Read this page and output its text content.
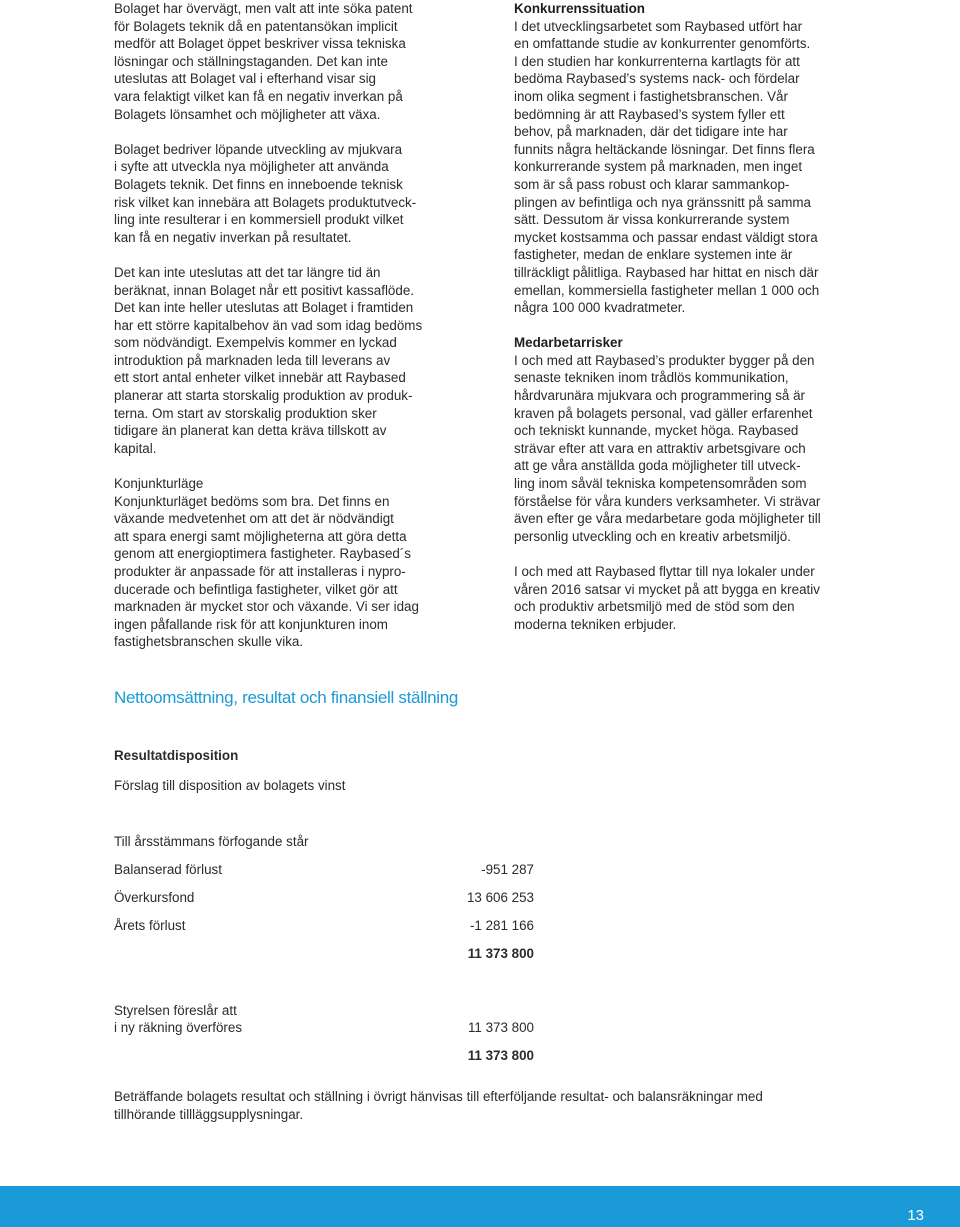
Bolaget har övervägt, men valt att inte söka patent
för Bolagets teknik då en patentansökan implicit
medför att Bolaget öppet beskriver vissa tekniska
lösningar och ställningstaganden. Det kan inte
uteslutas att Bolaget val i efterhand visar sig
vara felaktigt vilket kan få en negativ inverkan på
Bolagets lönsamhet och möjligheter att växa.

Bolaget bedriver löpande utveckling av mjukvara
i syfte att utveckla nya möjligheter att använda
Bolagets teknik. Det finns en inneboende teknisk
risk vilket kan innebära att Bolagets produktutveck-
ling inte resulterar i en kommersiell produkt vilket
kan få en negativ inverkan på resultatet.

Det kan inte uteslutas att det tar längre tid än
beräknat, innan Bolaget når ett positivt kassaflöde.
Det kan inte heller uteslutas att Bolaget i framtiden
har ett större kapitalbehov än vad som idag bedöms
som nödvändigt. Exempelvis kommer en lyckad
introduktion på marknaden leda till leverans av
ett stort antal enheter vilket innebär att Raybased
planerar att starta storskalig produktion av produk-
terna. Om start av storskalig produktion sker
tidigare än planerat kan detta kräva tillskott av
kapital.

Konjunkturläge

Konjunkturläget bedöms som bra. Det finns en
växande medvetenhet om att det är nödvändigt
att spara energi samt möjligheterna att göra detta
genom att energioptimera fastigheter. Raybased´s
produkter är anpassade för att installeras i nypro-
ducerade och befintliga fastigheter, vilket gör att
marknaden är mycket stor och växande. Vi ser idag
ingen påfallande risk för att konjunkturen inom
fastighetsbranschen skulle vika.

Konkurrenssituation

I det utvecklingsarbetet som Raybased utfört har
en omfattande studie av konkurrenter genomförts.
I den studien har konkurrenterna kartlagts för att
bedöma Raybased’s systems nack- och fördelar
inom olika segment i fastighetsbranschen. Vår
bedömning är att Raybased’s system fyller ett
behov, på marknaden, där det tidigare inte har
funnits några heltäckande lösningar. Det finns flera
konkurrerande system på marknaden, men inget
som är så pass robust och klarar sammankop-
plingen av befintliga och nya gränssnitt på samma
sätt. Dessutom är vissa konkurrerande system
mycket kostsamma och passar endast väldigt stora
fastigheter, medan de enklare systemen inte är
tillräckligt pålitliga. Raybased har hittat en nisch där
emellan, kommersiella fastigheter mellan 1 000 och
några 100 000 kvadratmeter.

Medarbetarrisker

I och med att Raybased’s produkter bygger på den
senaste tekniken inom trådlös kommunikation,
hårdvarunära mjukvara och programmering så är
kraven på bolagets personal, vad gäller erfarenhet
och tekniskt kunnande, mycket höga. Raybased
strävar efter att vara en attraktiv arbetsgivare och
att ge våra anställda goda möjligheter till utveck-
ling inom såväl tekniska kompetensområden som
förståelse för våra kunders verksamheter. Vi strävar
även efter ge våra medarbetare goda möjligheter till
personlig utveckling och en kreativ arbetsmiljö.

I och med att Raybased flyttar till nya lokaler under
våren 2016 satsar vi mycket på att bygga en kreativ
och produktiv arbetsmiljö med de stöd som den
moderna tekniken erbjuder.

Nettoomsättning, resultat och finansiell ställning
Resultatdisposition
Förslag till disposition av bolagets vinst
Till årsstämmans förfogande står
Balanserad förlust	-951 287
Överkursfond	13 606 253
Årets förlust	-1 281 166
11 373 800
Styrelsen föreslår att
i ny räkning överföres	11 373 800
11 373 800
Beträffande bolagets resultat och ställning i övrigt hänvisas till efterföljande resultat- och balansräkningar med
tillhörande tillläggsupplysningar.
13
